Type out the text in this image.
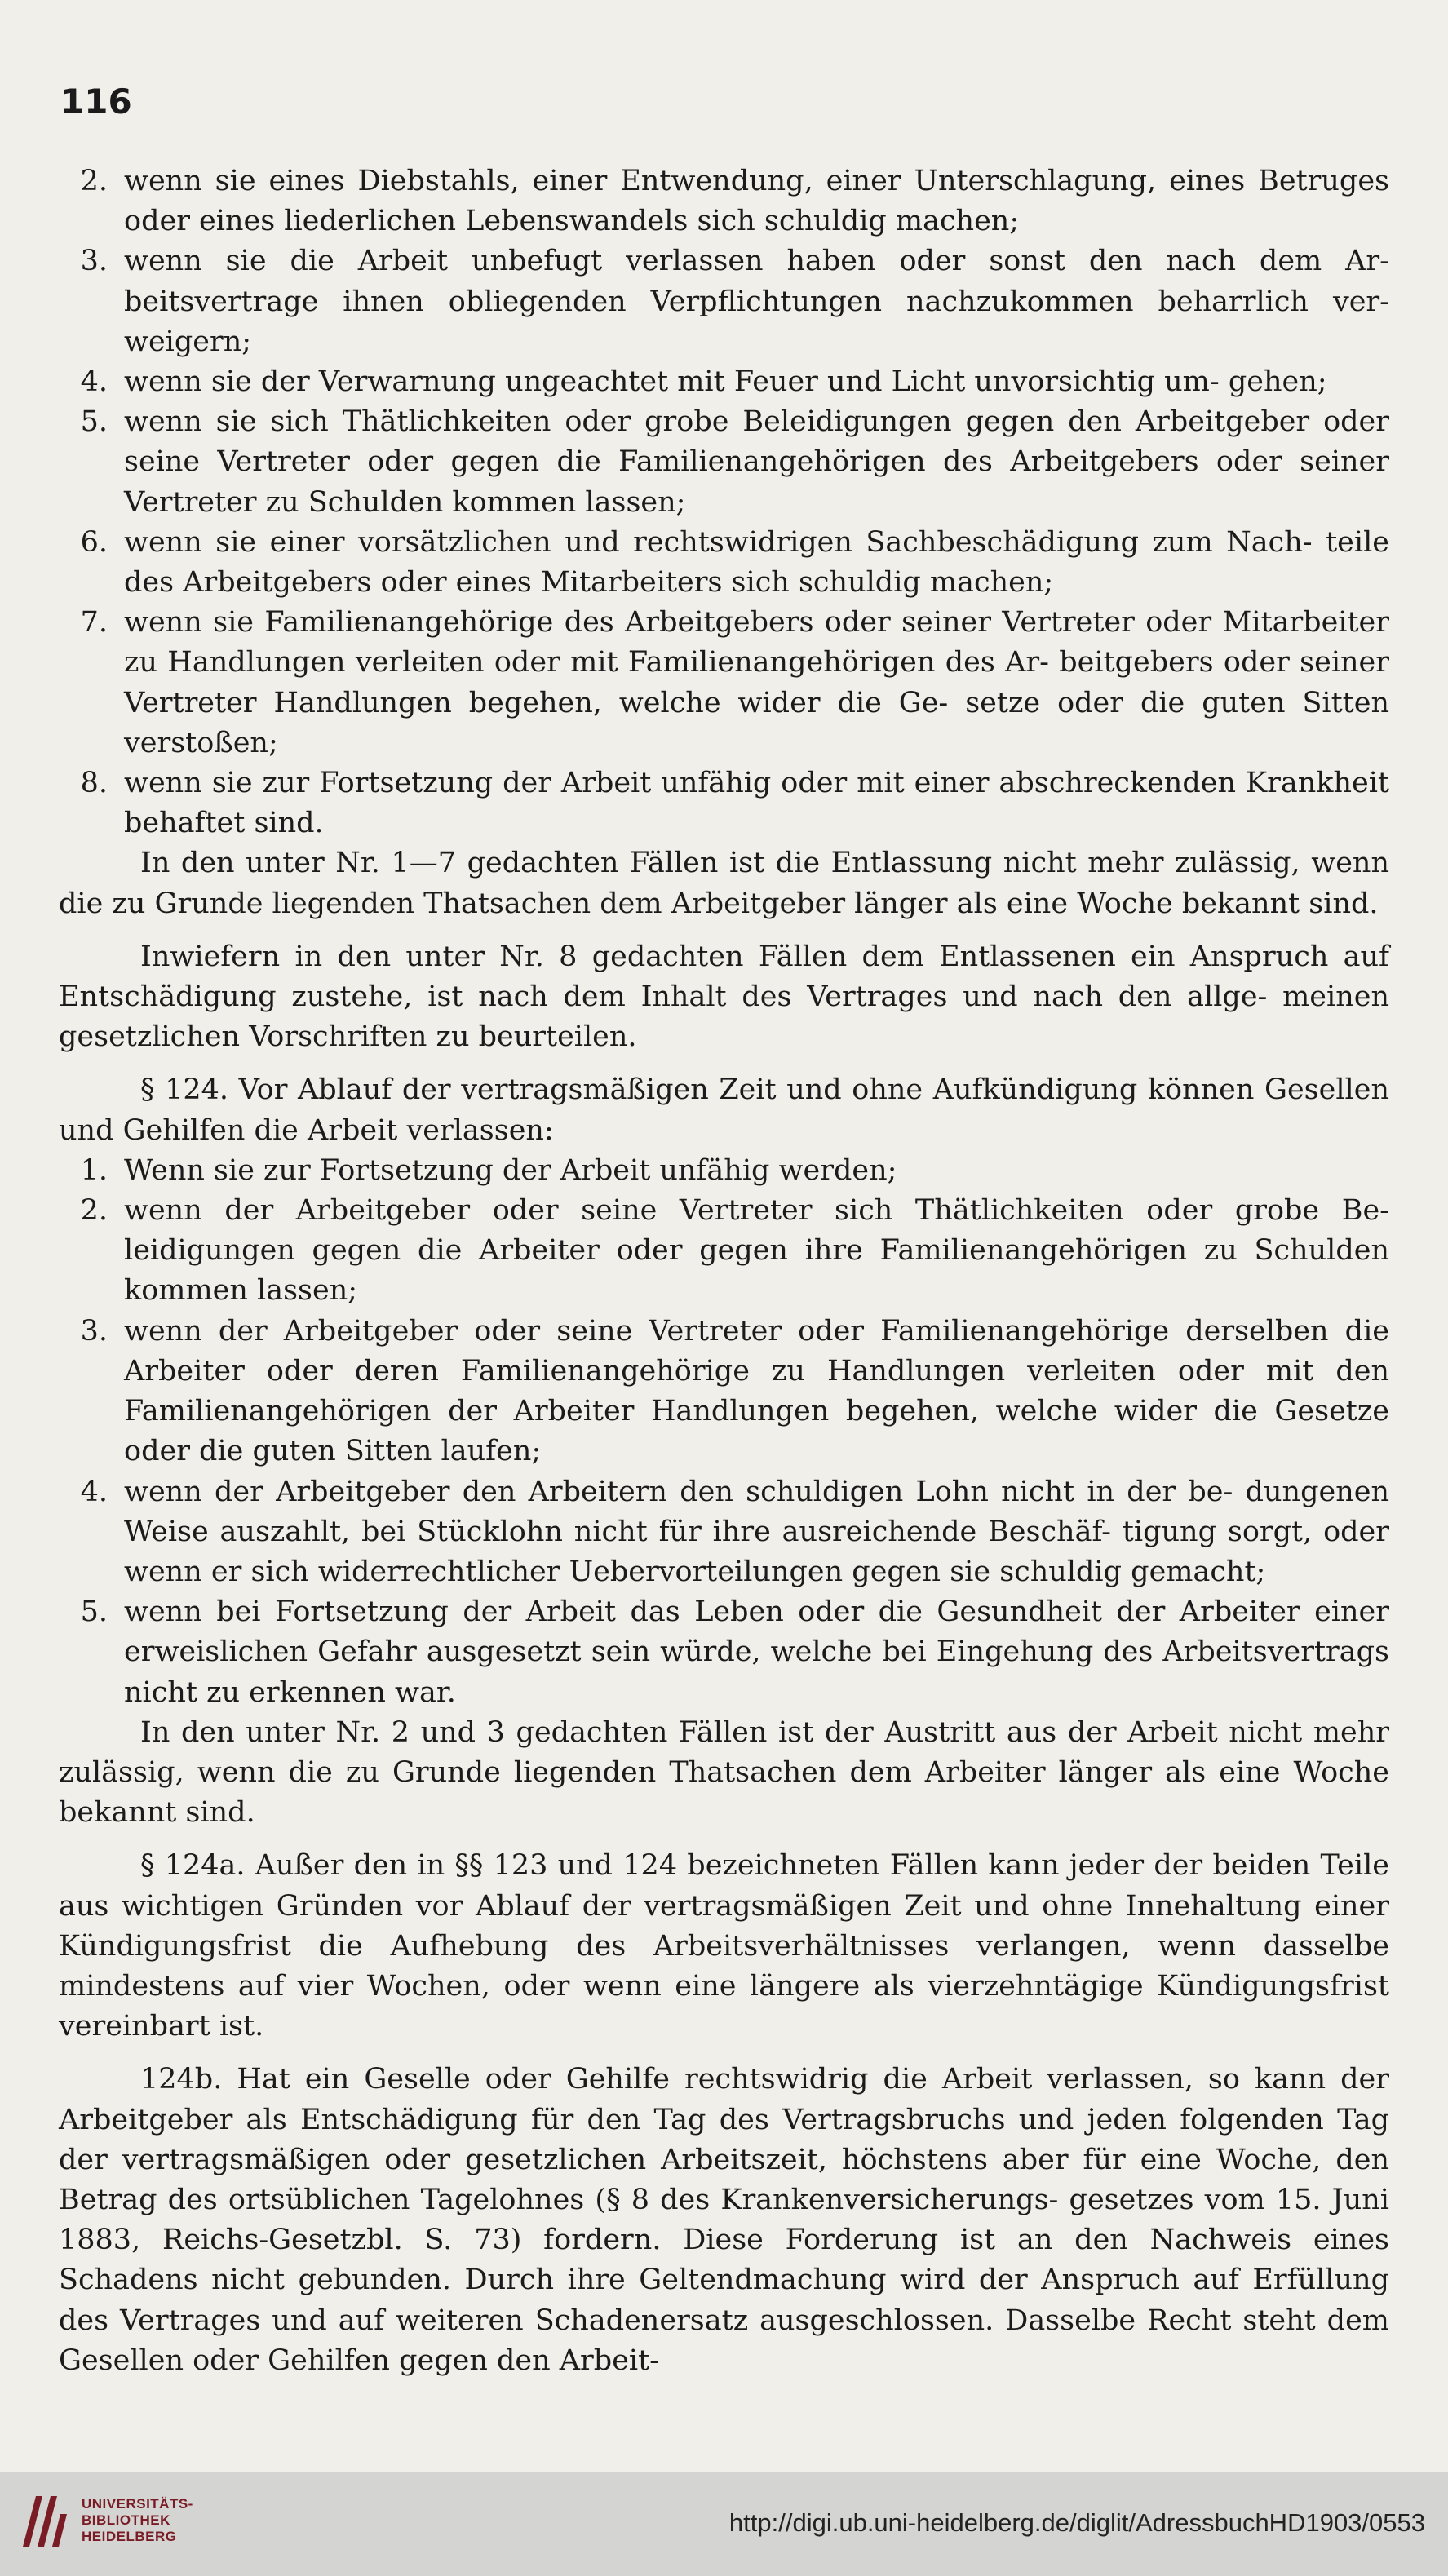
116
2. wenn sie eines Diebstahls, einer Entwendung, einer Unterschlagung, eines Betruges oder eines liederlichen Lebenswandels sich schuldig machen;
3. wenn sie die Arbeit unbefugt verlassen haben oder sonst den nach dem Ar- beitsvertrage ihnen obliegenden Verpflichtungen nachzukommen beharrlich ver- weigern;
4. wenn sie der Verwarnung ungeachtet mit Feuer und Licht unvorsichtig um- gehen;
5. wenn sie sich Thätlichkeiten oder grobe Beleidigungen gegen den Arbeitgeber oder seine Vertreter oder gegen die Familienangehörigen des Arbeitgebers oder seiner Vertreter zu Schulden kommen lassen;
6. wenn sie einer vorsätzlichen und rechtswidrigen Sachbeschädigung zum Nach- teile des Arbeitgebers oder eines Mitarbeiters sich schuldig machen;
7. wenn sie Familienangehörige des Arbeitgebers oder seiner Vertreter oder Mitarbeiter zu Handlungen verleiten oder mit Familienangehörigen des Ar- beitgebers oder seiner Vertreter Handlungen begehen, welche wider die Ge- setze oder die guten Sitten verstoßen;
8. wenn sie zur Fortsetzung der Arbeit unfähig oder mit einer abschreckenden Krankheit behaftet sind.

In den unter Nr. 1—7 gedachten Fällen ist die Entlassung nicht mehr zulässig, wenn die zu Grunde liegenden Thatsachen dem Arbeitgeber länger als eine Woche bekannt sind.

Inwiefern in den unter Nr. 8 gedachten Fällen dem Entlassenen ein Anspruch auf Entschädigung zustehe, ist nach dem Inhalt des Vertrages und nach den allge- meinen gesetzlichen Vorschriften zu beurteilen.

§ 124. Vor Ablauf der vertragsmäßigen Zeit und ohne Aufkündigung können Gesellen und Gehilfen die Arbeit verlassen:

1. Wenn sie zur Fortsetzung der Arbeit unfähig werden;
2. wenn der Arbeitgeber oder seine Vertreter sich Thätlichkeiten oder grobe Be- leidigungen gegen die Arbeiter oder gegen ihre Familienangehörigen zu Schulden kommen lassen;
3. wenn der Arbeitgeber oder seine Vertreter oder Familienangehörige derselben die Arbeiter oder deren Familienangehörige zu Handlungen verleiten oder mit den Familienangehörigen der Arbeiter Handlungen begehen, welche wider die Gesetze oder die guten Sitten laufen;
4. wenn der Arbeitgeber den Arbeitern den schuldigen Lohn nicht in der be- dungenen Weise auszahlt, bei Stücklohn nicht für ihre ausreichende Beschäf- tigung sorgt, oder wenn er sich widerrechtlicher Uebervorteilungen gegen sie schuldig gemacht;
5. wenn bei Fortsetzung der Arbeit das Leben oder die Gesundheit der Arbeiter einer erweislichen Gefahr ausgesetzt sein würde, welche bei Eingehung des Arbeitsvertrags nicht zu erkennen war.

In den unter Nr. 2 und 3 gedachten Fällen ist der Austritt aus der Arbeit nicht mehr zulässig, wenn die zu Grunde liegenden Thatsachen dem Arbeiter länger als eine Woche bekannt sind.

§ 124a. Außer den in §§ 123 und 124 bezeichneten Fällen kann jeder der beiden Teile aus wichtigen Gründen vor Ablauf der vertragsmäßigen Zeit und ohne Innehaltung einer Kündigungsfrist die Aufhebung des Arbeitsverhältnisses verlangen, wenn dasselbe mindestens auf vier Wochen, oder wenn eine längere als vierzehntägige Kündigungsfrist vereinbart ist.

124b. Hat ein Geselle oder Gehilfe rechtswidrig die Arbeit verlassen, so kann der Arbeitgeber als Entschädigung für den Tag des Vertragsbruchs und jeden folgenden Tag der vertragsmäßigen oder gesetzlichen Arbeitszeit, höchstens aber für eine Woche, den Betrag des ortsüblichen Tagelohnes (§ 8 des Krankenversicherungs- gesetzes vom 15. Juni 1883, Reichs-Gesetzbl. S. 73) fordern. Diese Forderung ist an den Nachweis eines Schadens nicht gebunden. Durch ihre Geltendmachung wird der Anspruch auf Erfüllung des Vertrages und auf weiteren Schadenersatz ausgeschlossen. Dasselbe Recht steht dem Gesellen oder Gehilfen gegen den Arbeit-

UNIVERSITÄTS-
BIBLIOTHEK
HEIDELBERG	http://digi.ub.uni-heidelberg.de/diglit/AdressbuchHD1903/0553
